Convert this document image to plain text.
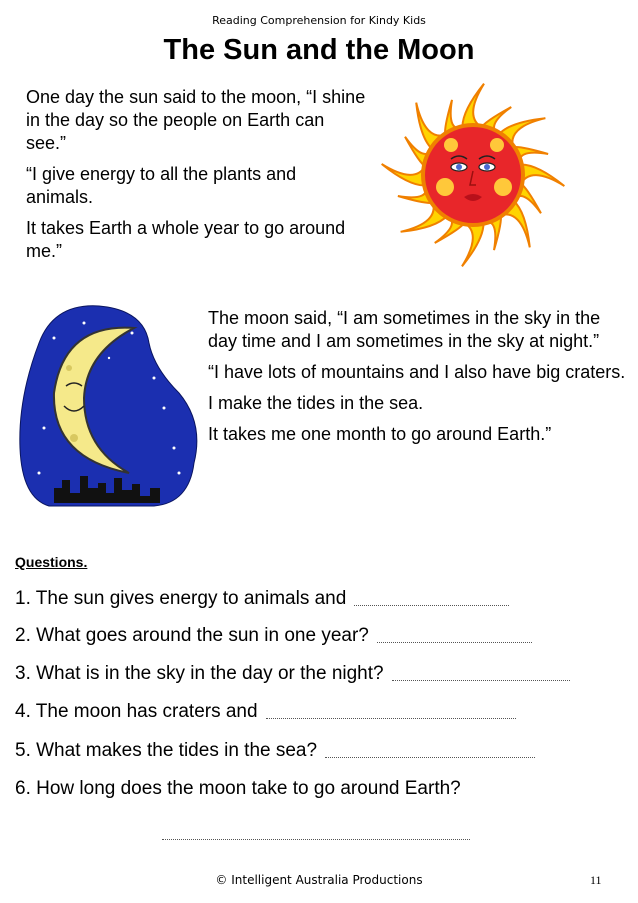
Reading Comprehension for Kindy Kids
The Sun and the Moon

One day the sun said to the moon, “I shine in the day so the people on Earth can see.”

“I give energy to all the plants and animals.

It takes Earth a whole year to go around me.”

The moon said, “I am sometimes in the sky in the day time and I am sometimes in the sky at night.”

“I have lots of mountains and I also have big craters.

I make the tides in the sea.

It takes me one month to go around Earth.”

Questions.
1. The sun gives energy to animals and
2. What goes around the sun in one year?
3. What is in the sky in the day or the night?
4. The moon has craters and
5. What makes the tides in the sea?
6. How long does the moon take to go around Earth?
© Intelligent Australia Productions	11
